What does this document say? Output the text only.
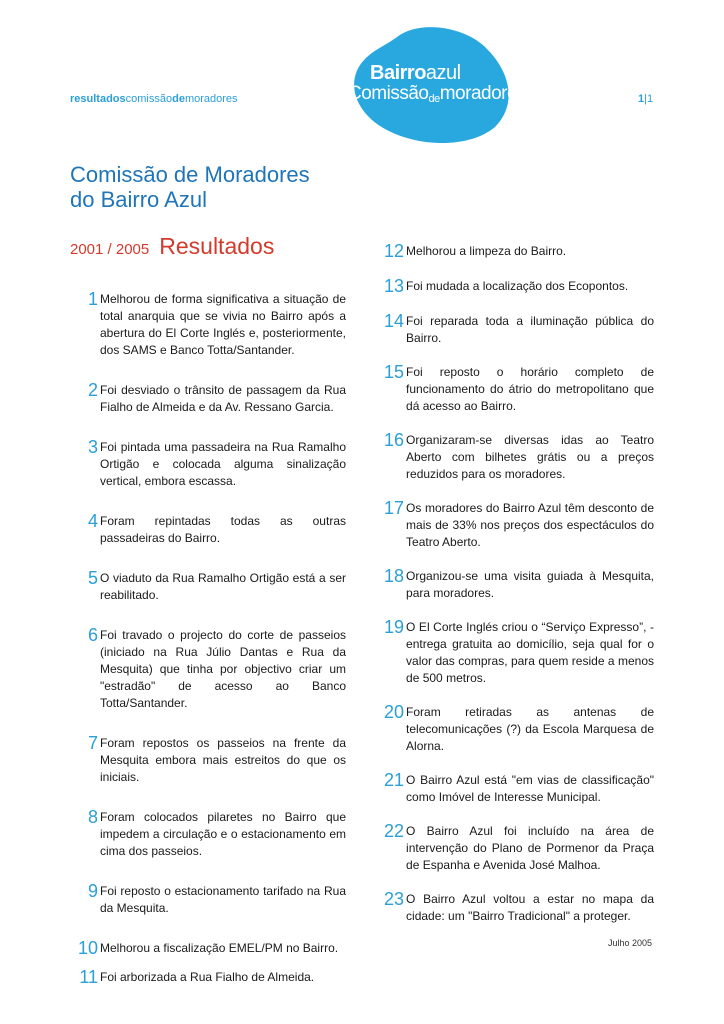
resultadoscomissãodemoradores
Bairroazul
Comissãodemoradores	1|1
Comissão de Moradores
do Bairro Azul
2001 / 2005 Resultados
1 Melhorou de forma significativa a situação de total anarquia que se vivia no Bairro após a abertura do El Corte Inglés e, posteriormente, dos SAMS e Banco Totta/Santander.
2 Foi desviado o trânsito de passagem da Rua Fialho de Almeida e da Av. Ressano Garcia.
3 Foi pintada uma passadeira na Rua Ramalho Ortigão e colocada alguma sinalização vertical, embora escassa.
4 Foram repintadas todas as outras passadeiras do Bairro.
5 O viaduto da Rua Ramalho Ortigão está a ser reabilitado.
6 Foi travado o projecto do corte de passeios (iniciado na Rua Júlio Dantas e Rua da Mesquita) que tinha por objectivo criar um "estradão" de acesso ao Banco Totta/Santander.
7 Foram repostos os passeios na frente da Mesquita embora mais estreitos do que os iniciais.
8 Foram colocados pilaretes no Bairro que impedem a circulação e o estacionamento em cima dos passeios.
9 Foi reposto o estacionamento tarifado na Rua da Mesquita.
10 Melhorou a fiscalização EMEL/PM no Bairro.
11 Foi arborizada a Rua Fialho de Almeida.
12 Melhorou a limpeza do Bairro.
13 Foi mudada a localização dos Ecopontos.
14 Foi reparada toda a iluminação pública do Bairro.
15 Foi reposto o horário completo de funcionamento do átrio do metropolitano que dá acesso ao Bairro.
16 Organizaram-se diversas idas ao Teatro Aberto com bilhetes grátis ou a preços reduzidos para os moradores.
17 Os moradores do Bairro Azul têm desconto de mais de 33% nos preços dos espectáculos do Teatro Aberto.
18 Organizou-se uma visita guiada à Mesquita, para moradores.
19 O El Corte Inglés criou o “Serviço Expresso”, - entrega gratuita ao domicílio, seja qual for o valor das compras, para quem reside a menos de 500 metros.
20 Foram retiradas as antenas de telecomunicações (?) da Escola Marquesa de Alorna.
21 O Bairro Azul está "em vias de classificação" como Imóvel de Interesse Municipal.
22 O Bairro Azul foi incluído na área de intervenção do Plano de Pormenor da Praça de Espanha e Avenida José Malhoa.
23 O Bairro Azul voltou a estar no mapa da cidade: um "Bairro Tradicional" a proteger.
Julho 2005
